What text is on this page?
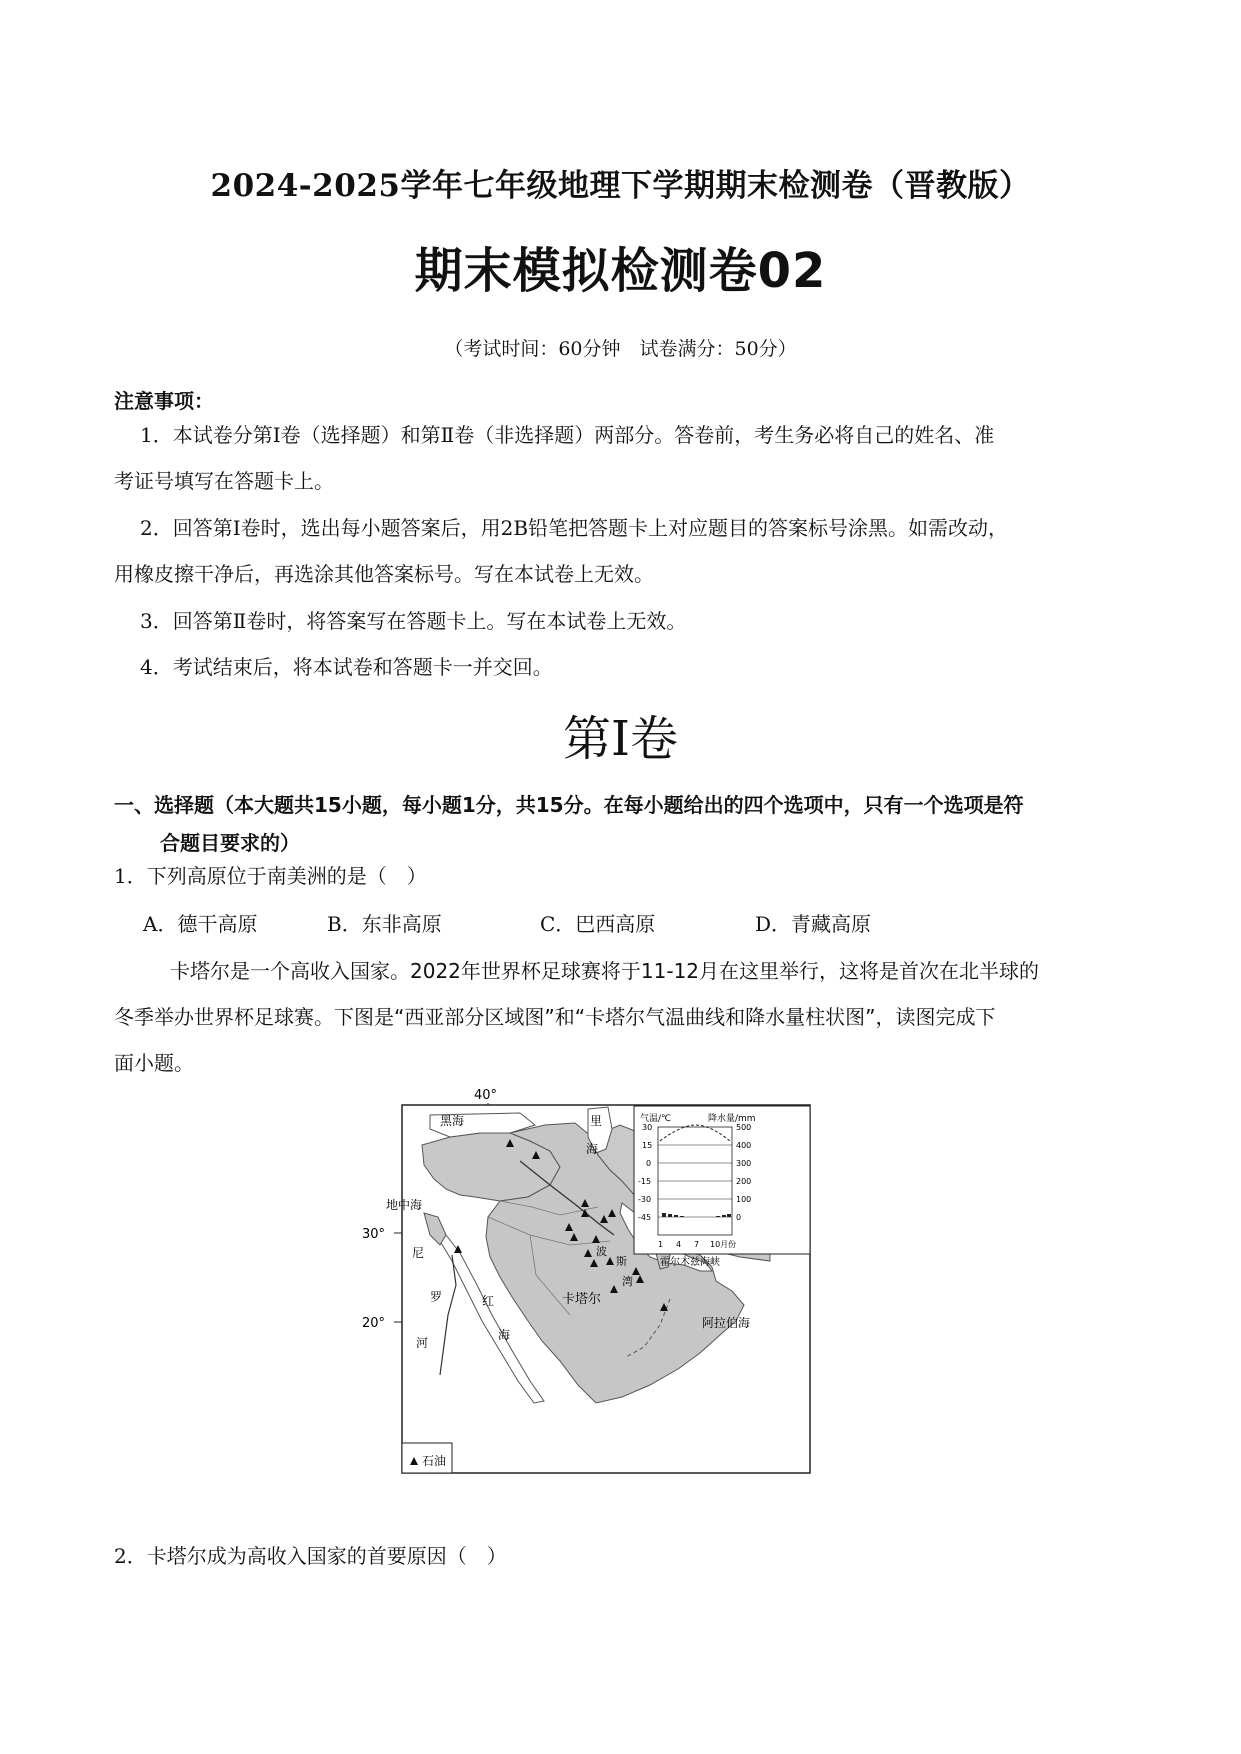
2024-2025学年七年级地理下学期期末检测卷（晋教版）
期末模拟检测卷02
（考试时间：60分钟　试卷满分：50分）
注意事项：
1．本试卷分第Ⅰ卷（选择题）和第Ⅱ卷（非选择题）两部分。答卷前，考生务必将自己的姓名、准
考证号填写在答题卡上。
2．回答第Ⅰ卷时，选出每小题答案后，用2B铅笔把答题卡上对应题目的答案标号涂黑。如需改动，
用橡皮擦干净后，再选涂其他答案标号。写在本试卷上无效。
3．回答第Ⅱ卷时，将答案写在答题卡上。写在本试卷上无效。
4．考试结束后，将本试卷和答题卡一并交回。
第Ⅰ卷
一、选择题（本大题共15小题，每小题1分，共15分。在每小题给出的四个选项中，只有一个选项是符
合题目要求的）
1．下列高原位于南美洲的是（　）
A．德干高原	B．东非高原	C．巴西高原	D．青藏高原
卡塔尔是一个高收入国家。2022年世界杯足球赛将于11-12月在这里举行，这将是首次在北半球的
冬季举办世界杯足球赛。下图是“西亚部分区域图”和“卡塔尔气温曲线和降水量柱状图”，读图完成下
面小题。
40°
30°
20°
黑海	里
海
地中海
尼
罗
河
红
海
波
斯
湾
霍尔木兹海峡
卡塔尔
阿拉伯海
石油
气温/℃	降水量/mm
30
15
0
-15
-30
-45
500
400
300
200
100
0
1 4 7 10月份
2．卡塔尔成为高收入国家的首要原因（　）
